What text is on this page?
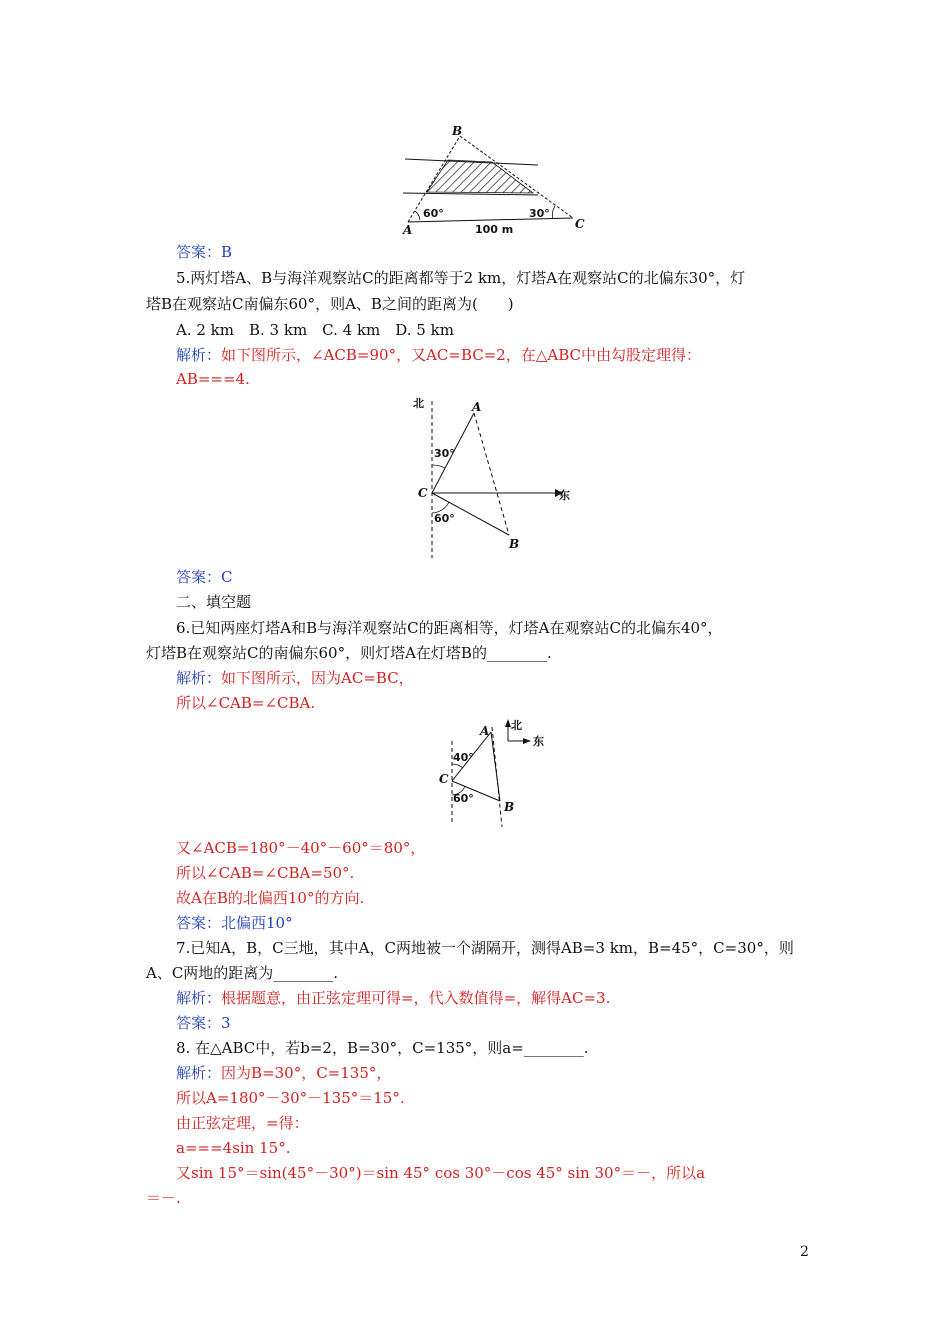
B
A	C
60°	30°
100 m
答案：B
5.两灯塔A、B与海洋观察站C的距离都等于2 km，灯塔A在观察站C的北偏东30°，灯
塔B在观察站C南偏东60°，则A、B之间的距离为(　　)
A. 2 km　B. 3 km　C. 4 km　D. 5 km
解析：如下图所示，∠ACB=90°，又AC=BC=2，在△ABC中由勾股定理得：
AB===4.
北
东
A
B
C
30°
60°
答案：C
二、填空题
6.已知两座灯塔A和B与海洋观察站C的距离相等，灯塔A在观察站C的北偏东40°，
灯塔B在观察站C的南偏东60°，则灯塔A在灯塔B的________.
解析：如下图所示，因为AC=BC，
所以∠CAB=∠CBA.
北
东
A
B
C
40°
60°
又∠ACB=180°－40°－60°＝80°，
所以∠CAB=∠CBA=50°.
故A在B的北偏西10°的方向.
答案：北偏西10°
7.已知A，B，C三地，其中A，C两地被一个湖隔开，测得AB=3 km，B=45°，C=30°，则
A、C两地的距离为________.
解析：根据题意，由正弦定理可得=，代入数值得=，解得AC=3.
答案：3
8. 在△ABC中，若b=2，B=30°，C=135°，则a=________.
解析：因为B=30°，C=135°，
所以A=180°－30°－135°＝15°.
由正弦定理，=得：
a===4sin 15°.
又sin 15°＝sin(45°－30°)＝sin 45° cos 30°－cos 45° sin 30°＝－，所以a
＝－.
2
